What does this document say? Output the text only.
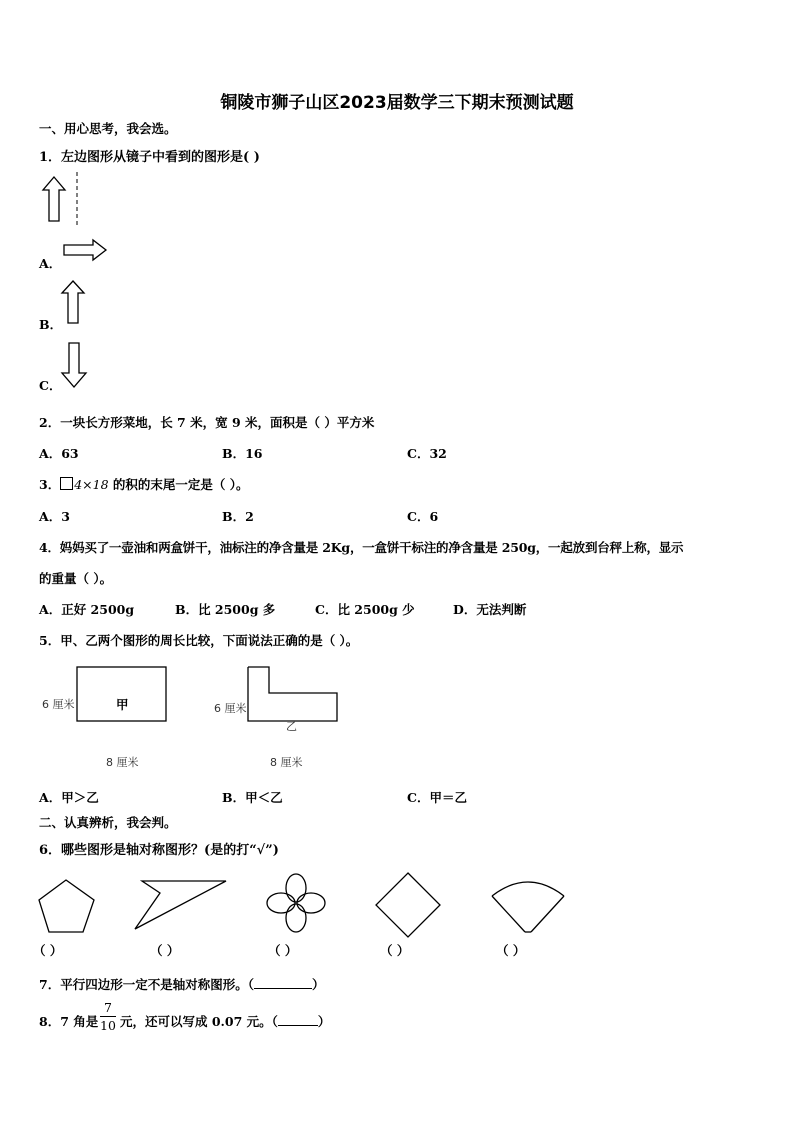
铜陵市狮子山区2023届数学三下期末预测试题
一、用心思考，我会选。
1．左边图形从镜子中看到的图形是( )
A．
B．
C．
2．一块长方形菜地，长 7 米，宽 9 米，面积是（ ）平方米
A．63	B．16	C．32
3． 4×18 的积的末尾一定是（ ）。
A．3	B．2	C．6
4．妈妈买了一壶油和两盒饼干，油标注的净含量是 2Kg，一盒饼干标注的净含量是 250g，一起放到台秤上称，显示
的重量（ ）。
A．正好 2500g	B．比 2500g 多	C．比 2500g 少	D．无法判断
5．甲、乙两个图形的周长比较，下面说法正确的是（ ）。
6 厘米	甲
8 厘米
6 厘米
乙
8 厘米
A．甲＞乙	B．甲＜乙	C．甲＝乙
二、认真辨析，我会判。
6．哪些图形是轴对称图形？(是的打“√”)
（ ）	（ ）	（ ）	（ ）	（ ）
7．平行四边形一定不是轴对称图形。（	）
8．7 角是
7
10 元，还可以写成 0.07 元。（	）
